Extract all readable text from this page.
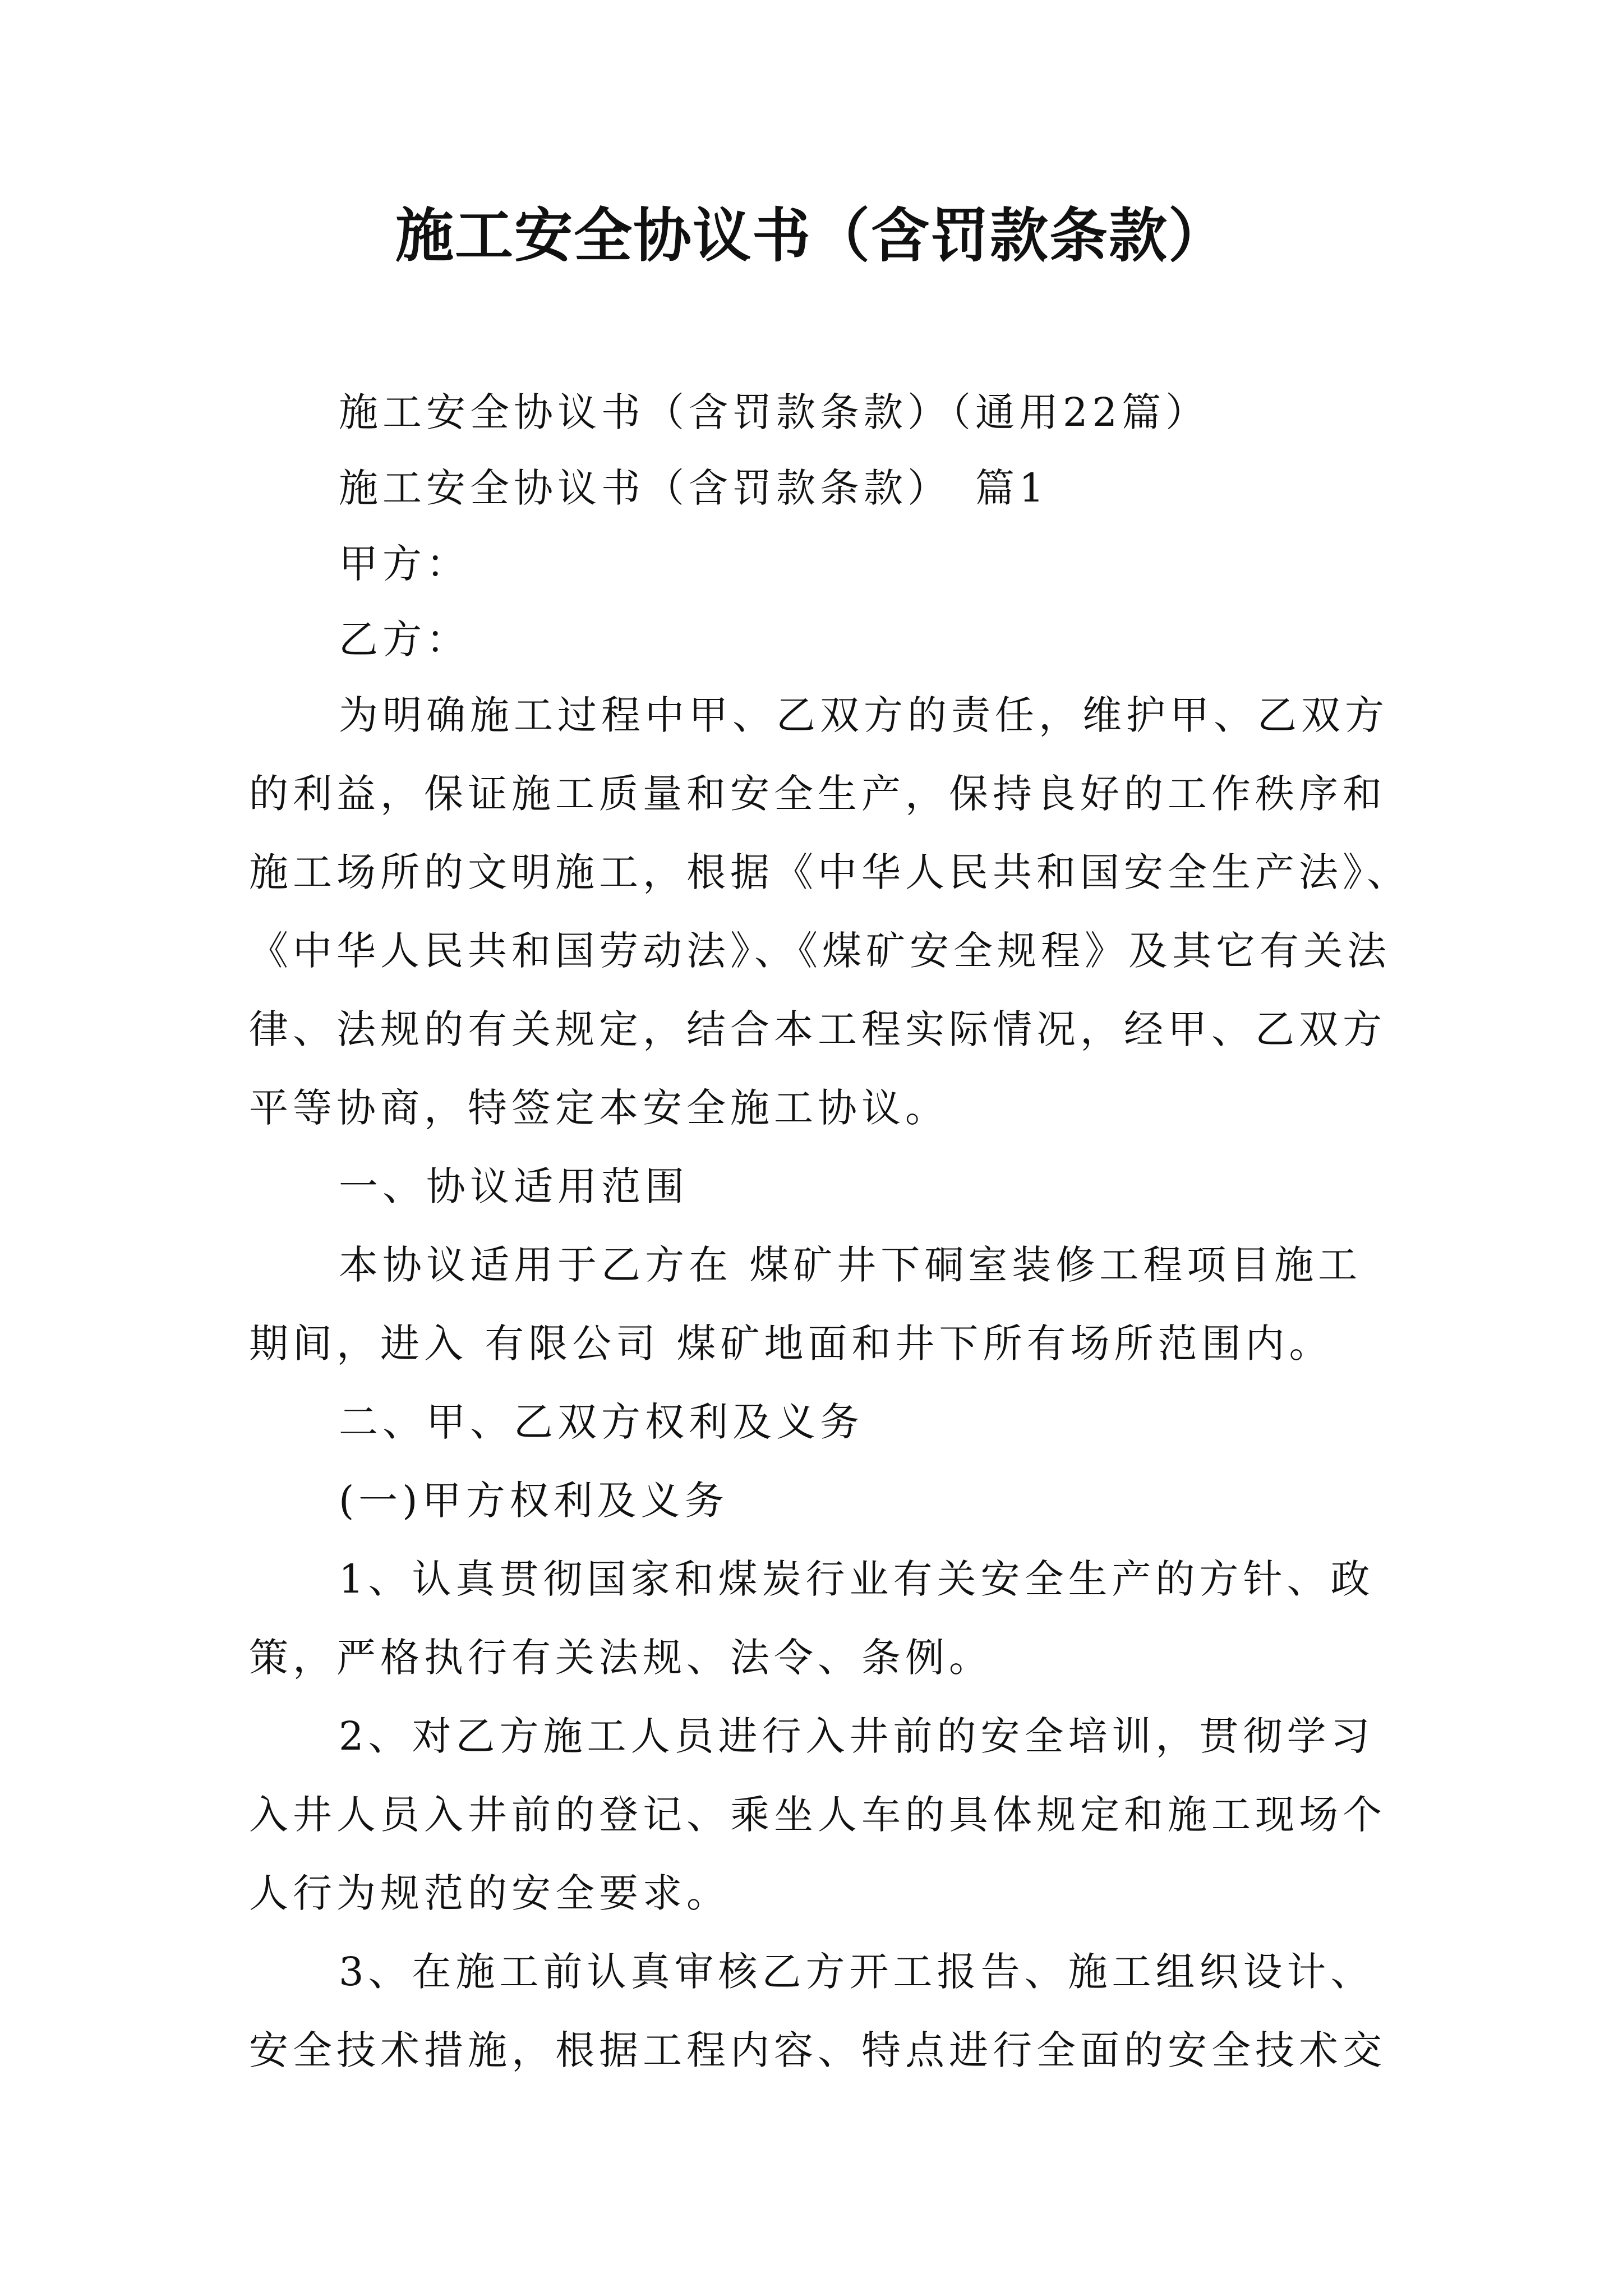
施工安全协议书（含罚款条款）
施工安全协议书（含罚款条款）（通用22篇）
施工安全协议书（含罚款条款）　篇1
甲方：
乙方：
为明确施工过程中甲、乙双方的责任，维护甲、乙双方
的利益，保证施工质量和安全生产，保持良好的工作秩序和
施工场所的文明施工，根据《中华人民共和国安全生产法》、
《中华人民共和国劳动法》、《煤矿安全规程》及其它有关法
律、法规的有关规定，结合本工程实际情况，经甲、乙双方
平等协商，特签定本安全施工协议。
一、协议适用范围
本协议适用于乙方在 煤矿井下硐室装修工程项目施工
期间，进入 有限公司 煤矿地面和井下所有场所范围内。
二、甲、乙双方权利及义务
(一)甲方权利及义务
1、认真贯彻国家和煤炭行业有关安全生产的方针、政
策，严格执行有关法规、法令、条例。
2、对乙方施工人员进行入井前的安全培训，贯彻学习
入井人员入井前的登记、乘坐人车的具体规定和施工现场个
人行为规范的安全要求。
3、在施工前认真审核乙方开工报告、施工组织设计、
安全技术措施，根据工程内容、特点进行全面的安全技术交
